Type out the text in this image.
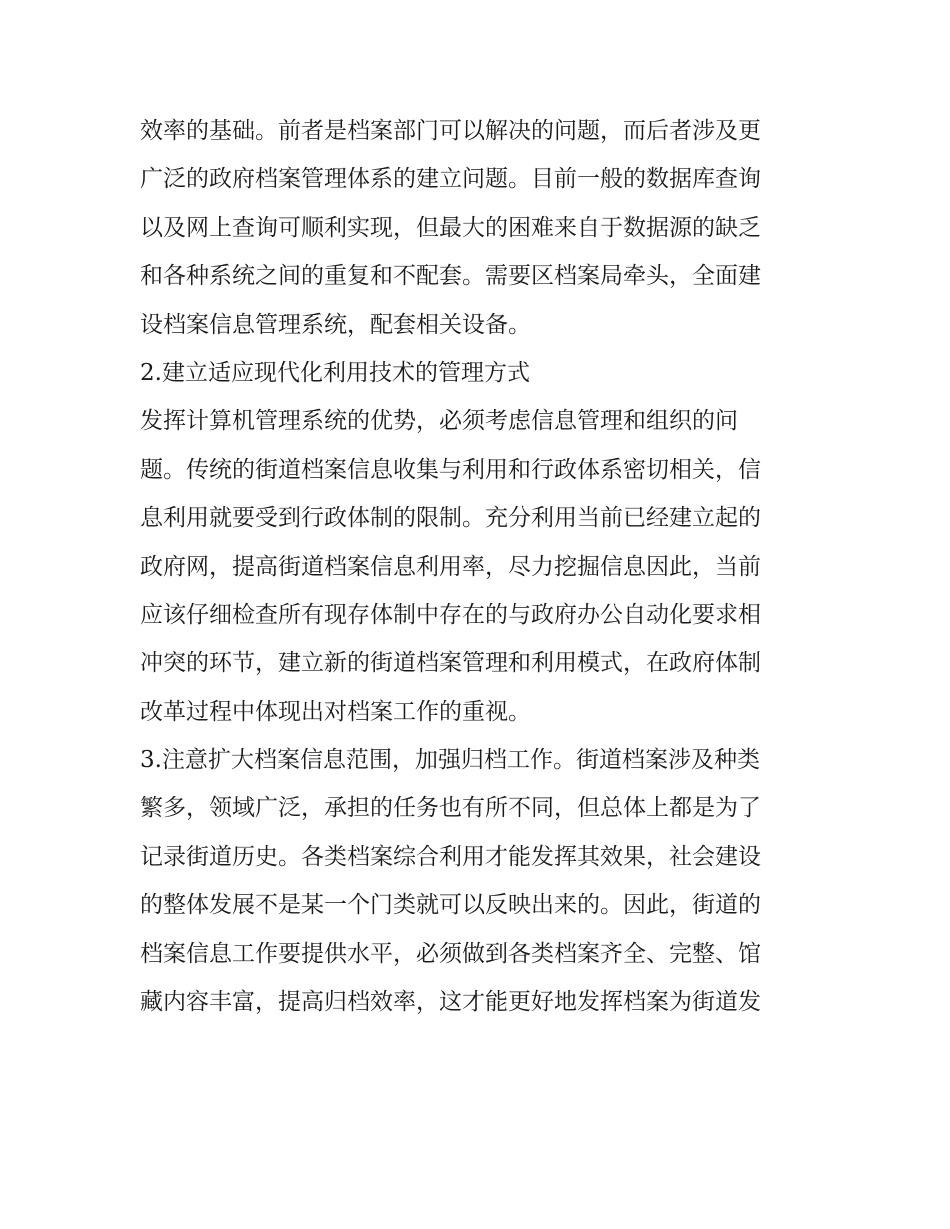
效率的基础。前者是档案部门可以解决的问题，而后者涉及更
广泛的政府档案管理体系的建立问题。目前一般的数据库查询
以及网上查询可顺利实现，但最大的困难来自于数据源的缺乏
和各种系统之间的重复和不配套。需要区档案局牵头，全面建
设档案信息管理系统，配套相关设备。
2.建立适应现代化利用技术的管理方式
发挥计算机管理系统的优势，必须考虑信息管理和组织的问
题。传统的街道档案信息收集与利用和行政体系密切相关，信
息利用就要受到行政体制的限制。充分利用当前已经建立起的
政府网，提高街道档案信息利用率，尽力挖掘信息因此，当前
应该仔细检查所有现存体制中存在的与政府办公自动化要求相
冲突的环节，建立新的街道档案管理和利用模式，在政府体制
改革过程中体现出对档案工作的重视。
3.注意扩大档案信息范围，加强归档工作。街道档案涉及种类
繁多，领域广泛，承担的任务也有所不同，但总体上都是为了
记录街道历史。各类档案综合利用才能发挥其效果，社会建设
的整体发展不是某一个门类就可以反映出来的。因此，街道的
档案信息工作要提供水平，必须做到各类档案齐全、完整、馆
藏内容丰富，提高归档效率，这才能更好地发挥档案为街道发
